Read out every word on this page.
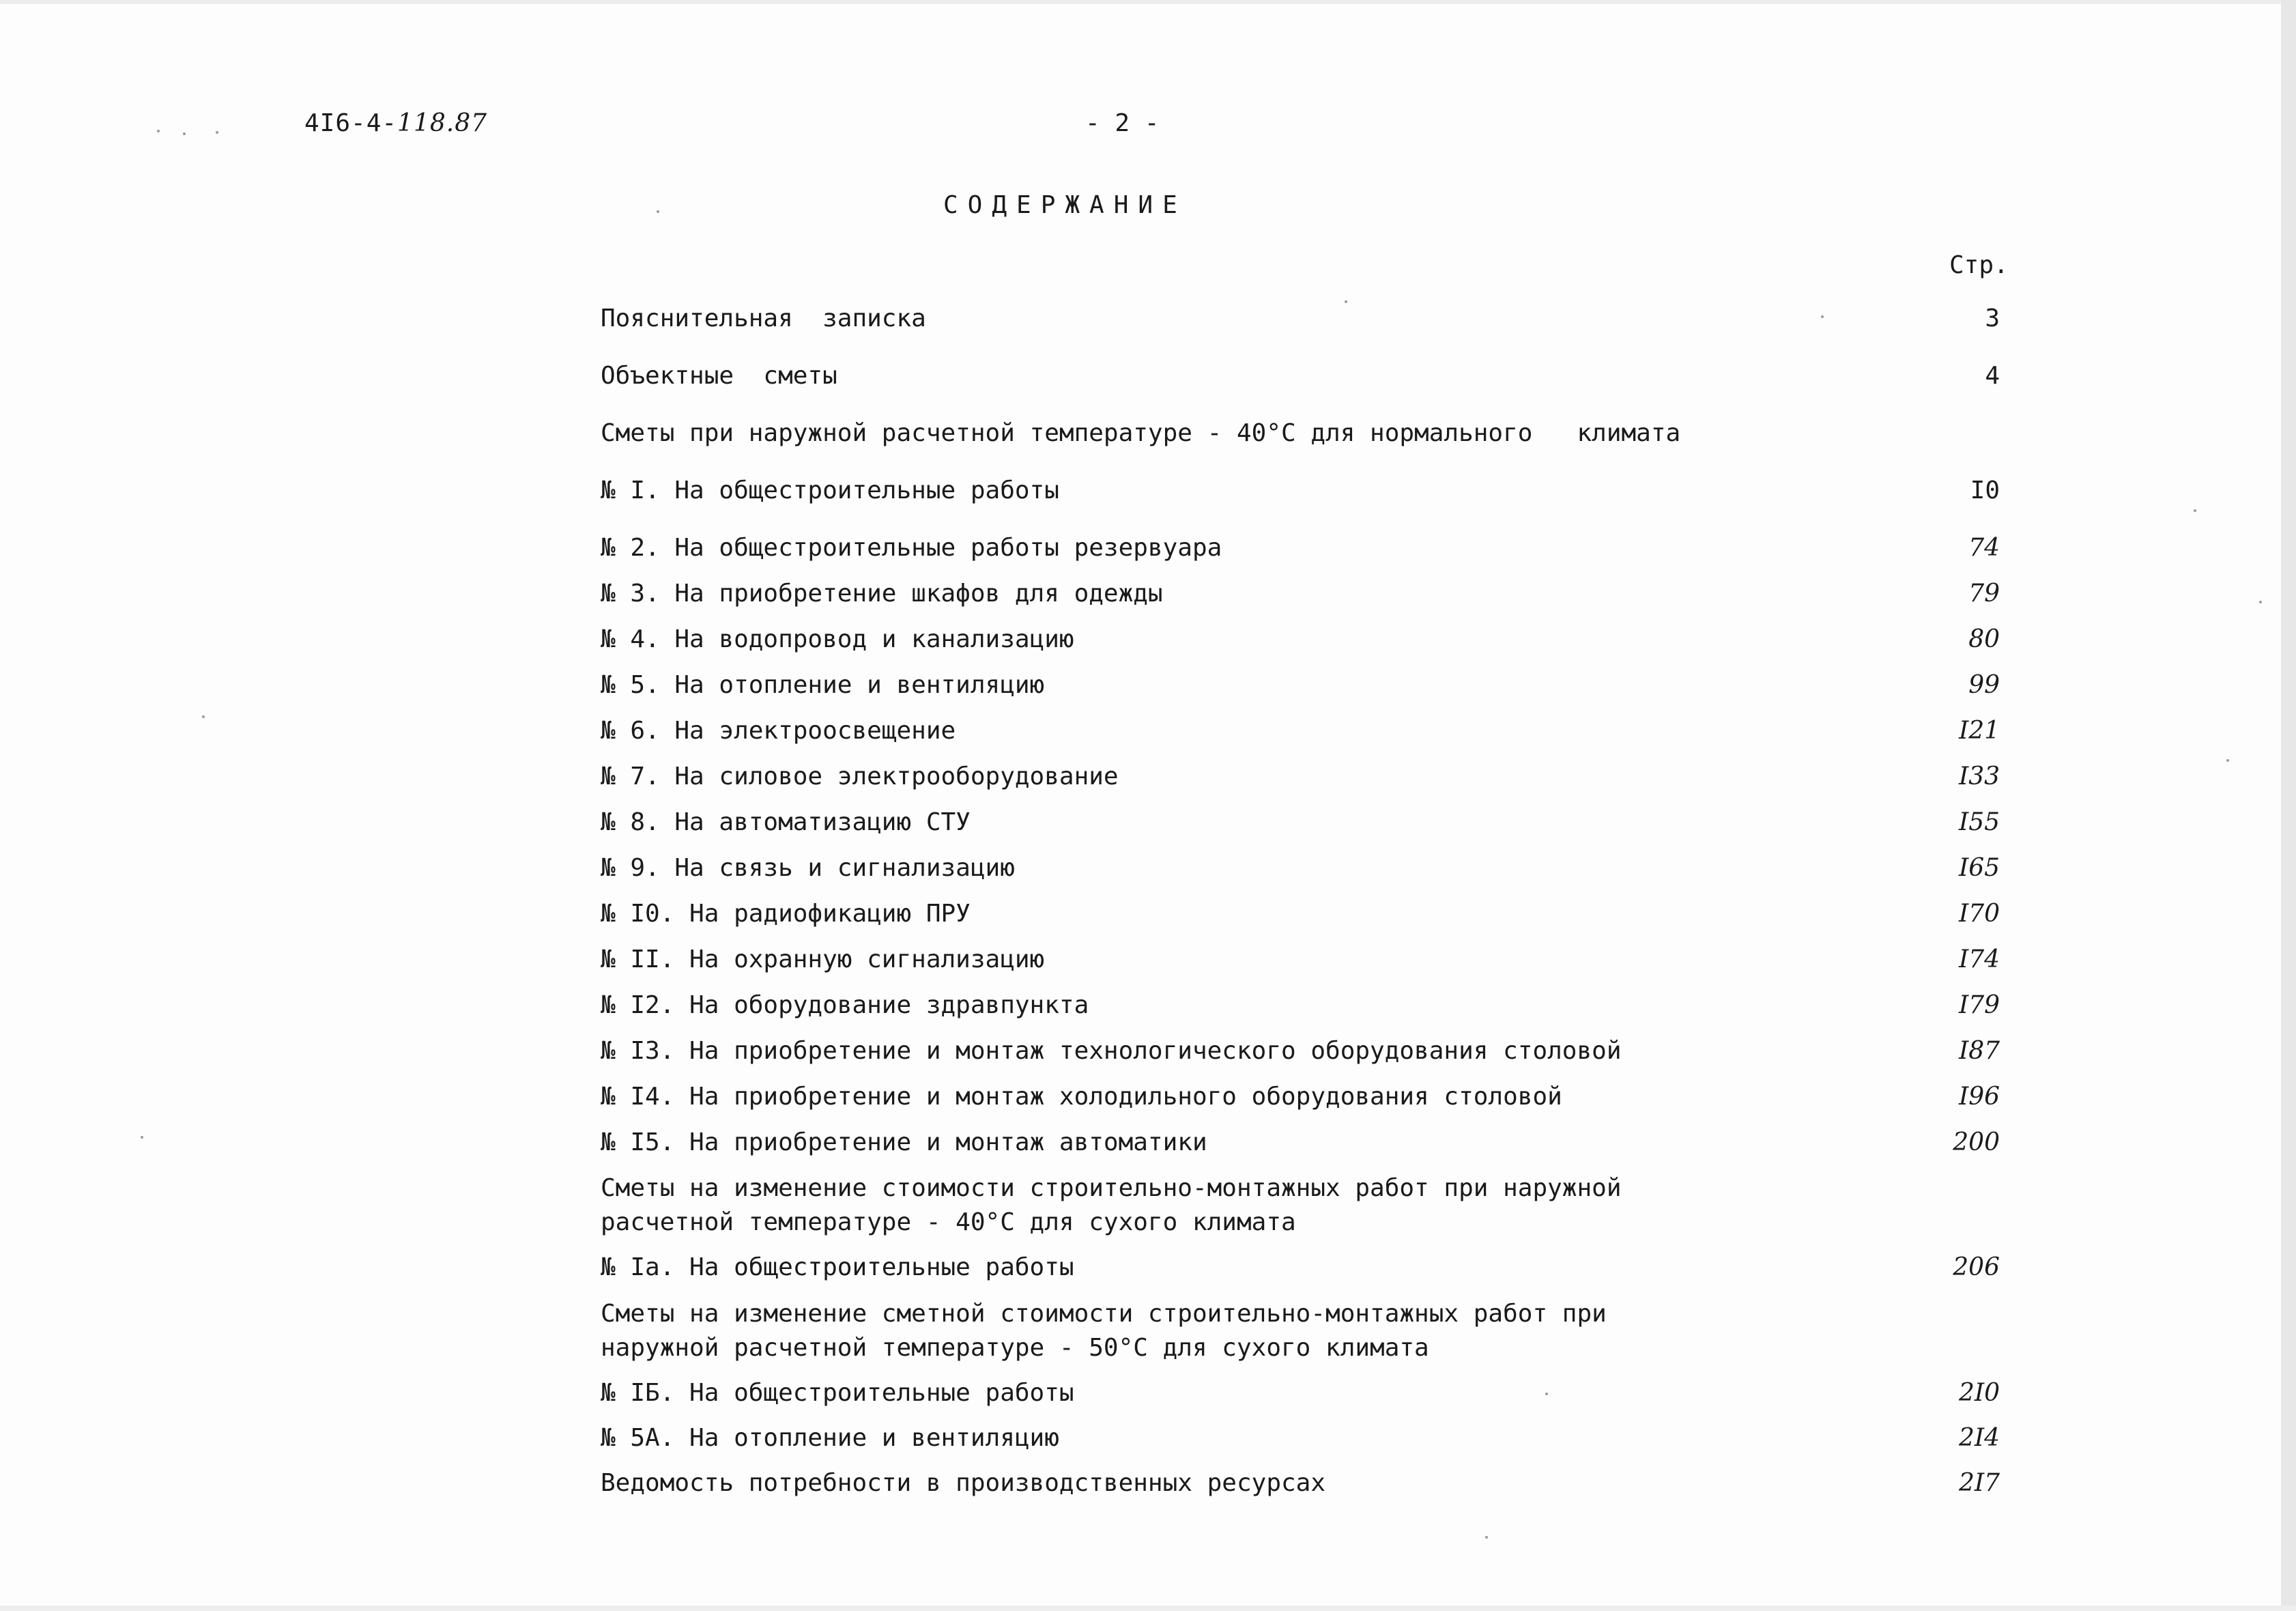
4I6-4-118.87	- 2 -
СОДЕРЖАНИЕ
Стр.
Пояснительная  записка	3
Объектные  сметы	4
Сметы при наружной расчетной температуре - 40°С для нормального   климата
№ I. На общестроительные работы	I0
№ 2. На общестроительные работы резервуара	74
№ 3. На приобретение шкафов для одежды	79
№ 4. На водопровод и канализацию	80
№ 5. На отопление и вентиляцию	99
№ 6. На электроосвещение	I21
№ 7. На силовое электрооборудование	I33
№ 8. На автоматизацию СТУ	I55
№ 9. На связь и сигнализацию	I65
№ I0. На радиофикацию ПРУ	I70
№ II. На охранную сигнализацию	I74
№ I2. На оборудование здравпункта	I79
№ I3. На приобретение и монтаж технологического оборудования столовой	I87
№ I4. На приобретение и монтаж холодильного оборудования столовой	I96
№ I5. На приобретение и монтаж автоматики	200
Сметы на изменение стоимости строительно-монтажных работ при наружной
расчетной температуре - 40°С для сухого климата
№ Iа. На общестроительные работы	206
Сметы на изменение сметной стоимости строительно-монтажных работ при
наружной расчетной температуре - 50°С для сухого климата
№ IБ. На общестроительные работы	2I0
№ 5А. На отопление и вентиляцию	2I4
Ведомость потребности в производственных ресурсах	2I7
